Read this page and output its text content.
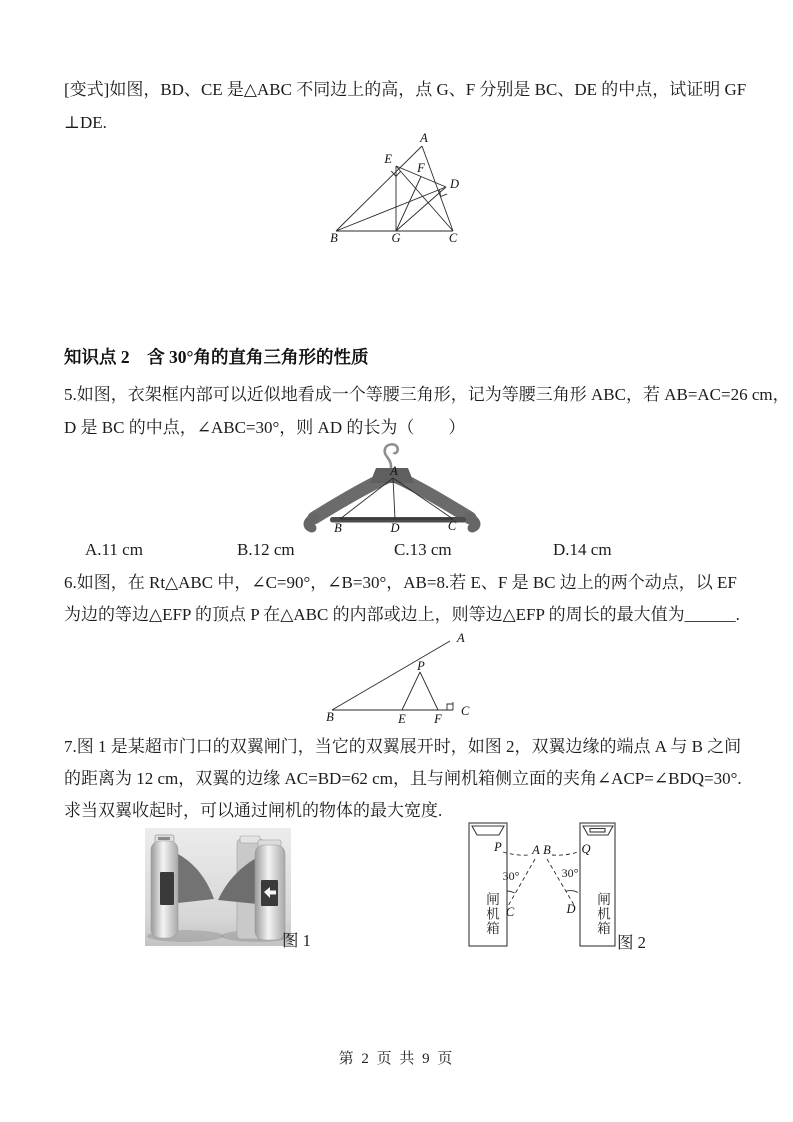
[变式]如图，BD、CE 是△ABC 不同边上的高，点 G、F 分别是 BC、DE 的中点，试证明 GF
⊥DE.
A
E
F
D
B	G	C
知识点 2　含 30°角的直角三角形的性质
5.如图，衣架框内部可以近似地看成一个等腰三角形，记为等腰三角形 ABC，若 AB=AC=26 cm，
D 是 BC 的中点，∠ABC=30°，则 AD 的长为（　　）
A
B	D	C
A.11 cm	B.12 cm	C.13 cm	D.14 cm
6.如图，在 Rt△ABC 中，∠C=90°，∠B=30°，AB=8.若 E、F 是 BC 边上的两个动点，以 EF
为边的等边△EFP 的顶点 P 在△ABC 的内部或边上，则等边△EFP 的周长的最大值为______.
A
B
P
E F
C
7.图 1 是某超市门口的双翼闸门，当它的双翼展开时，如图 2，双翼边缘的端点 A 与 B 之间
的距离为 12 cm，双翼的边缘 AC=BD=62 cm，且与闸机箱侧立面的夹角∠ACP=∠BDQ=30°.
求当双翼收起时，可以通过闸机的物体的最大宽度.
图 1
P A B Q
C	D
30°	30°
闸机箱	闸机箱
图 2
第 2 页 共 9 页
